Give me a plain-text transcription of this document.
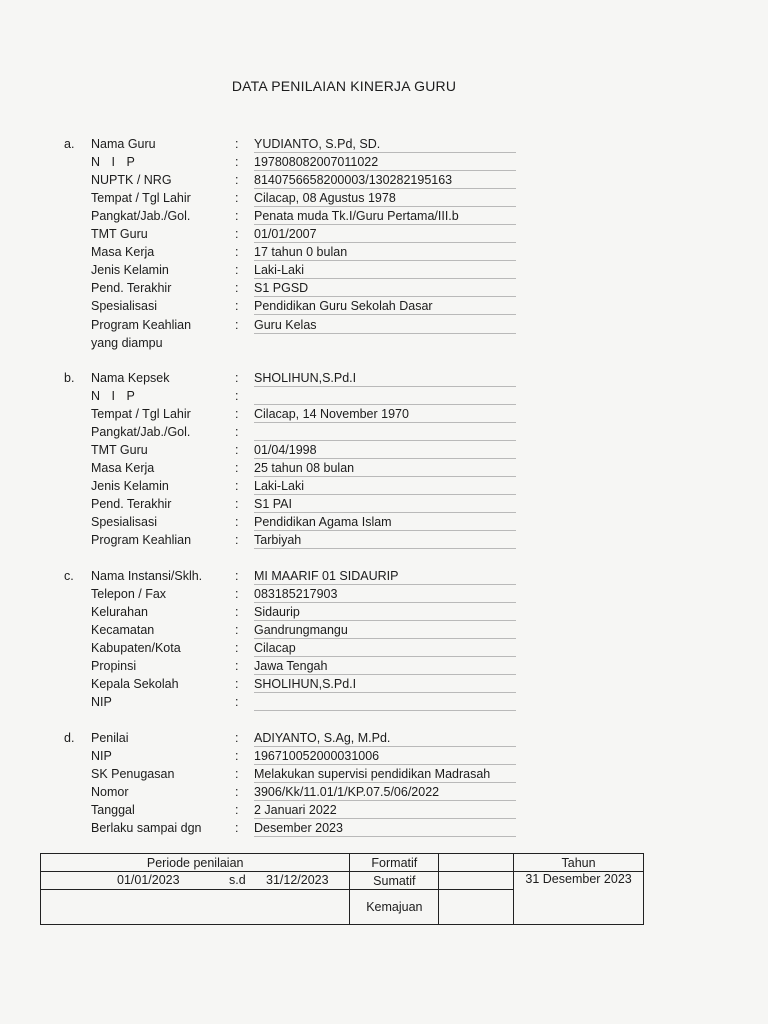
DATA PENILAIAN KINERJA GURU
a. Nama Guru	: YUDIANTO, S.Pd, SD.
N I P	: 197808082007011022
NUPTK / NRG	: 8140756658200003/130282195163
Tempat / Tgl Lahir	: Cilacap, 08 Agustus 1978
Pangkat/Jab./Gol.	: Penata muda Tk.I/Guru Pertama/III.b
TMT Guru	: 01/01/2007
Masa Kerja	: 17 tahun 0 bulan
Jenis Kelamin	: Laki-Laki
Pend. Terakhir	: S1 PGSD
Spesialisasi	: Pendidikan Guru Sekolah Dasar
Program Keahlian	: Guru Kelas
yang diampu
b. Nama Kepsek	: SHOLIHUN,S.Pd.I
N I P	:
Tempat / Tgl Lahir	: Cilacap, 14 November 1970
Pangkat/Jab./Gol.	:
TMT Guru	: 01/04/1998
Masa Kerja	: 25 tahun 08 bulan
Jenis Kelamin	: Laki-Laki
Pend. Terakhir	: S1 PAI
Spesialisasi	: Pendidikan Agama Islam
Program Keahlian	: Tarbiyah
c. Nama Instansi/Sklh.	: MI MAARIF 01 SIDAURIP
Telepon / Fax	: 083185217903
Kelurahan	: Sidaurip
Kecamatan	: Gandrungmangu
Kabupaten/Kota	: Cilacap
Propinsi	: Jawa Tengah
Kepala Sekolah	: SHOLIHUN,S.Pd.I
NIP	:
d. Penilai	: ADIYANTO, S.Ag, M.Pd.
NIP	: 196710052000031006
SK Penugasan	: Melakukan supervisi pendidikan Madrasah
Nomor	: 3906/Kk/11.01/1/KP.07.5/06/2022
Tanggal	: 2 Januari 2022
Berlaku sampai dgn	: Desember 2023
Periode penilaian	Formatif		Tahun

01/01/2023 s.d 31/12/2023	Sumatif		31 Desember 2023
	Kemajuan		
